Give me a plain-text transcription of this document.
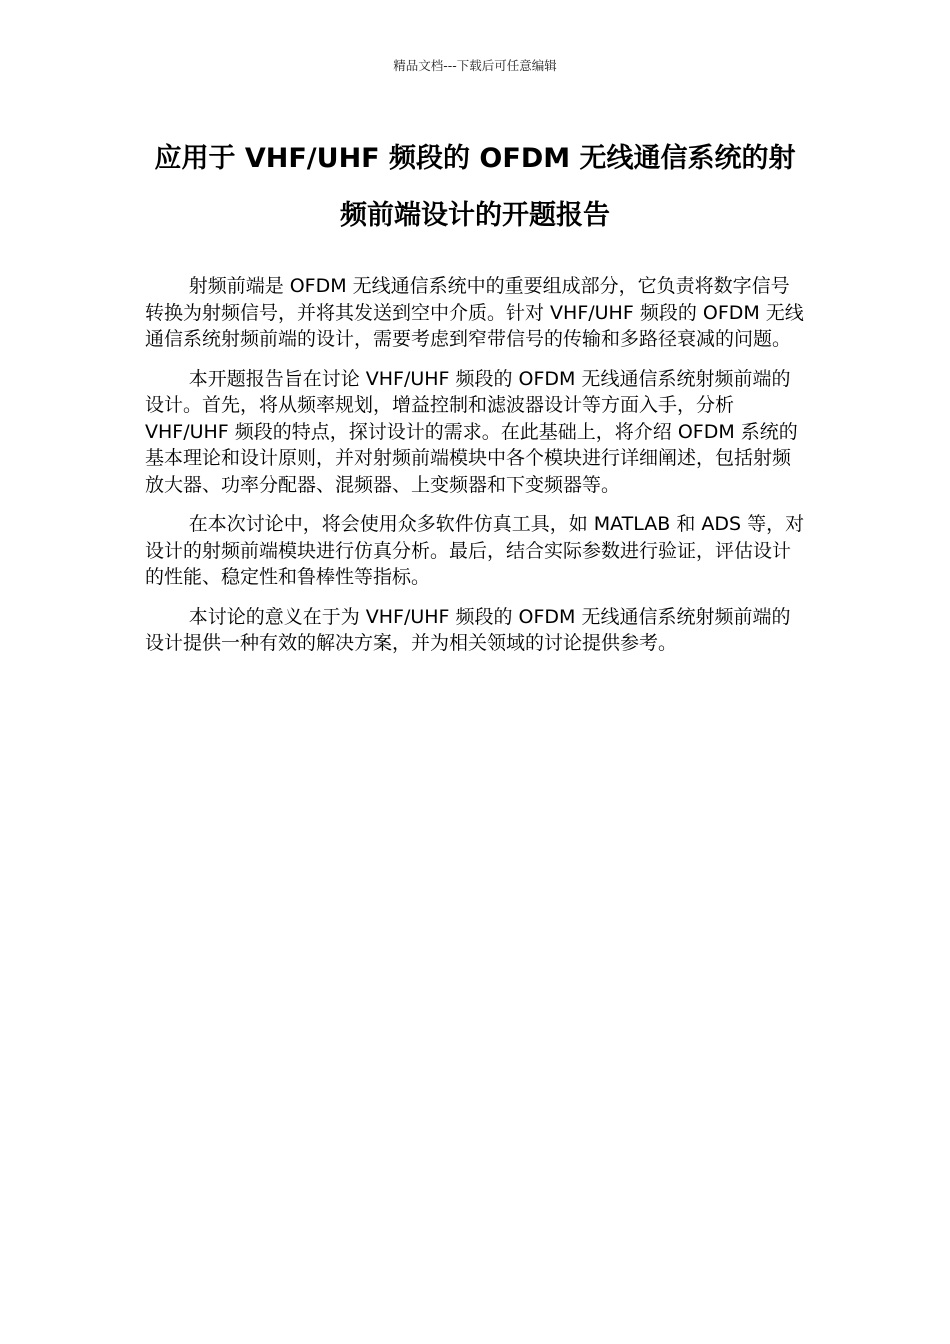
精品文档---下载后可任意编辑
应用于 VHF/UHF 频段的 OFDM 无线通信系统的射
频前端设计的开题报告

射频前端是 OFDM 无线通信系统中的重要组成部分，它负责将数字信号转换为射频信号，并将其发送到空中介质。针对 VHF/UHF 频段的 OFDM 无线通信系统射频前端的设计，需要考虑到窄带信号的传输和多路径衰减的问题。

本开题报告旨在讨论 VHF/UHF 频段的 OFDM 无线通信系统射频前端的设计。首先，将从频率规划，增益控制和滤波器设计等方面入手，分析 VHF/UHF 频段的特点，探讨设计的需求。在此基础上，将介绍 OFDM 系统的基本理论和设计原则，并对射频前端模块中各个模块进行详细阐述，包括射频放大器、功率分配器、混频器、上变频器和下变频器等。

在本次讨论中，将会使用众多软件仿真工具，如 MATLAB 和 ADS 等，对设计的射频前端模块进行仿真分析。最后，结合实际参数进行验证，评估设计的性能、稳定性和鲁棒性等指标。

本讨论的意义在于为 VHF/UHF 频段的 OFDM 无线通信系统射频前端的设计提供一种有效的解决方案，并为相关领域的讨论提供参考。
